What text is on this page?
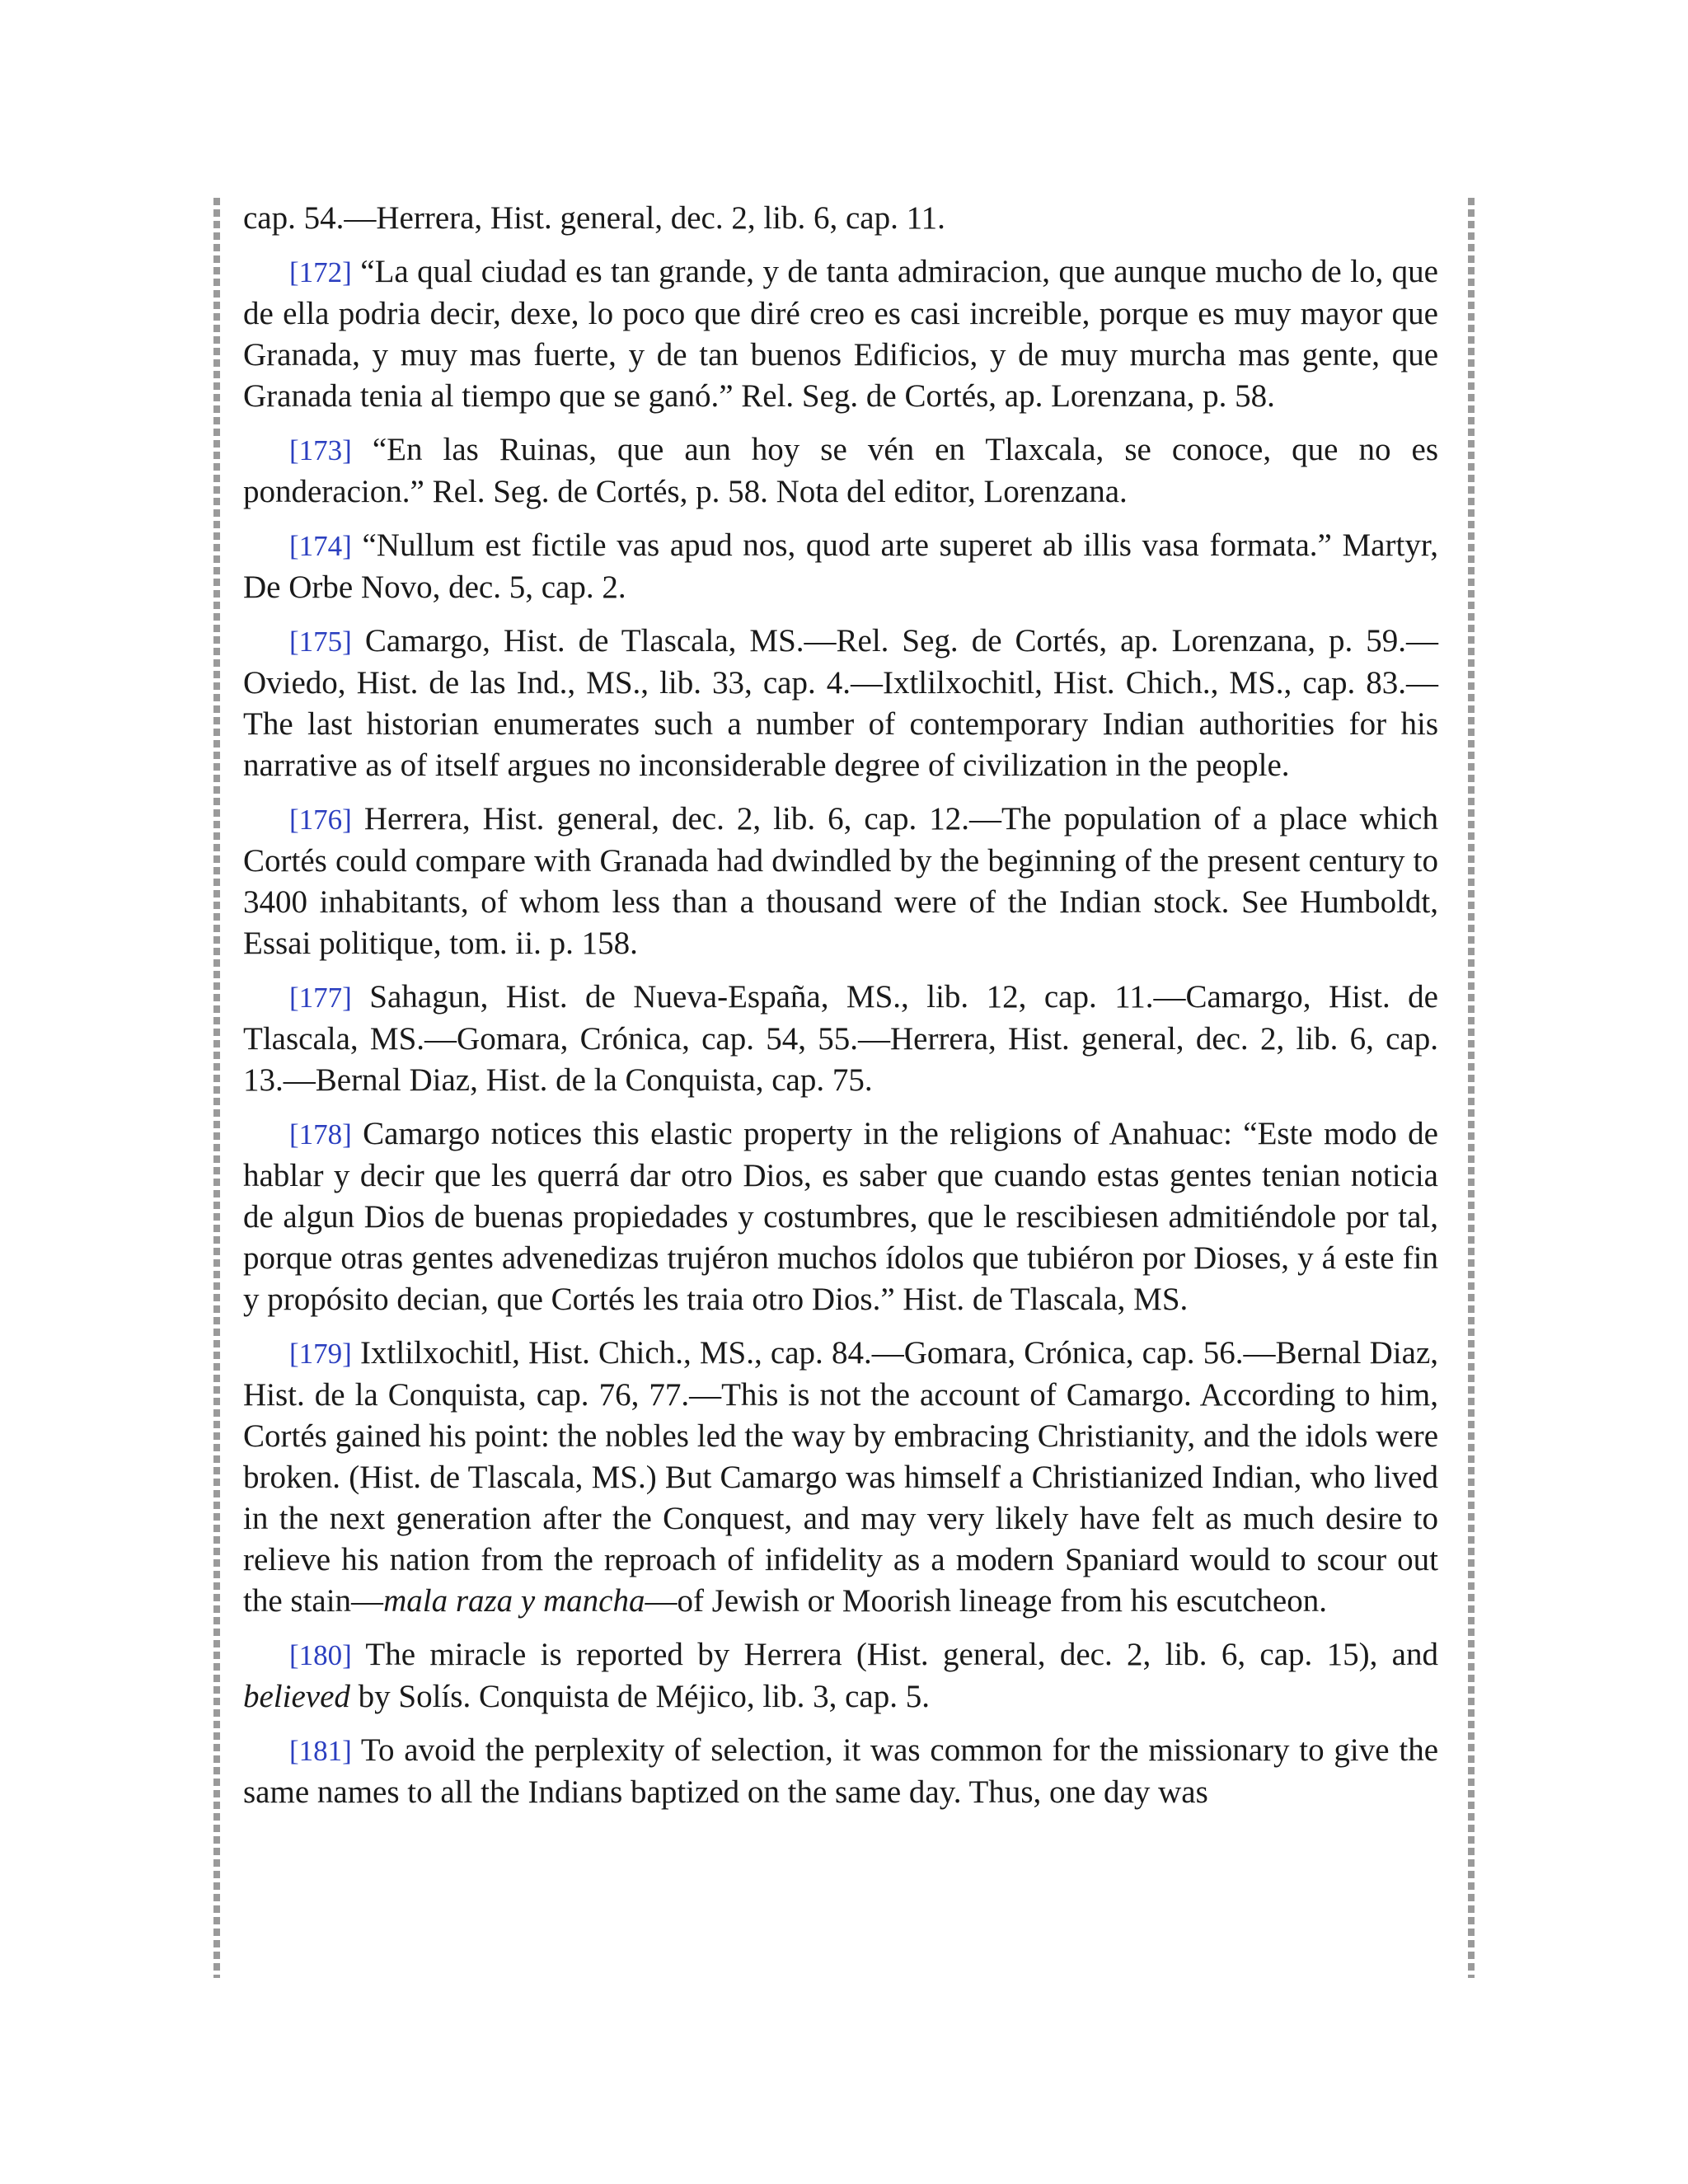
cap. 54.—Herrera, Hist. general, dec. 2, lib. 6, cap. 11.

[172] “La qual ciudad es tan grande, y de tanta admiracion, que aunque mucho de lo, que de ella podria decir, dexe, lo poco que diré creo es casi increible, porque es muy mayor que Granada, y muy mas fuerte, y de tan buenos Edificios, y de muy murcha mas gente, que Granada tenia al tiempo que se ganó.” Rel. Seg. de Cortés, ap. Lorenzana, p. 58.

[173] “En las Ruinas, que aun hoy se vén en Tlaxcala, se conoce, que no es ponderacion.” Rel. Seg. de Cortés, p. 58. Nota del editor, Lorenzana.

[174] “Nullum est fictile vas apud nos, quod arte superet ab illis vasa formata.” Martyr, De Orbe Novo, dec. 5, cap. 2.

[175] Camargo, Hist. de Tlascala, MS.—Rel. Seg. de Cortés, ap. Lorenzana, p. 59.—Oviedo, Hist. de las Ind., MS., lib. 33, cap. 4.—Ixtlilxochitl, Hist. Chich., MS., cap. 83.—The last historian enumerates such a number of contemporary Indian authorities for his narrative as of itself argues no inconsiderable degree of civilization in the people.

[176] Herrera, Hist. general, dec. 2, lib. 6, cap. 12.—The population of a place which Cortés could compare with Granada had dwindled by the beginning of the present century to 3400 inhabitants, of whom less than a thousand were of the Indian stock. See Humboldt, Essai politique, tom. ii. p. 158.

[177] Sahagun, Hist. de Nueva-España, MS., lib. 12, cap. 11.—Camargo, Hist. de Tlascala, MS.—Gomara, Crónica, cap. 54, 55.—Herrera, Hist. general, dec. 2, lib. 6, cap. 13.—Bernal Diaz, Hist. de la Conquista, cap. 75.

[178] Camargo notices this elastic property in the religions of Anahuac: “Este modo de hablar y decir que les querrá dar otro Dios, es saber que cuando estas gentes tenian noticia de algun Dios de buenas propiedades y costumbres, que le rescibiesen admitiéndole por tal, porque otras gentes advenedizas trujéron muchos ídolos que tubiéron por Dioses, y á este fin y propósito decian, que Cortés les traia otro Dios.” Hist. de Tlascala, MS.

[179] Ixtlilxochitl, Hist. Chich., MS., cap. 84.—Gomara, Crónica, cap. 56.—Bernal Diaz, Hist. de la Conquista, cap. 76, 77.—This is not the account of Camargo. According to him, Cortés gained his point: the nobles led the way by embracing Christianity, and the idols were broken. (Hist. de Tlascala, MS.) But Camargo was himself a Christianized Indian, who lived in the next generation after the Conquest, and may very likely have felt as much desire to relieve his nation from the reproach of infidelity as a modern Spaniard would to scour out the stain—mala raza y mancha—of Jewish or Moorish lineage from his escutcheon.

[180] The miracle is reported by Herrera (Hist. general, dec. 2, lib. 6, cap. 15), and believed by Solís. Conquista de Méjico, lib. 3, cap. 5.

[181] To avoid the perplexity of selection, it was common for the missionary to give the same names to all the Indians baptized on the same day. Thus, one day was
